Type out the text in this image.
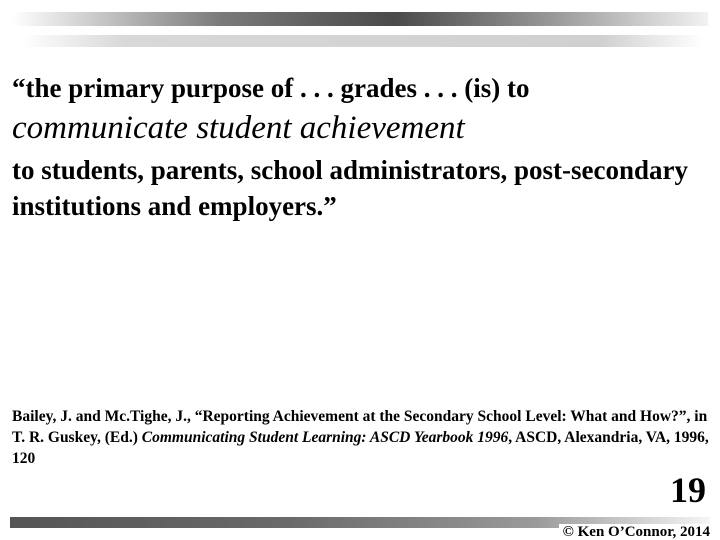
“the primary purpose of . . . grades . . . (is) to
communicate student achievement
to students, parents, school administrators, post-secondary institutions and employers.”
Bailey, J. and Mc.Tighe, J., “Reporting Achievement at the Secondary School Level: What and How?”, in T. R. Guskey, (Ed.) Communicating Student Learning: ASCD Yearbook 1996, ASCD, Alexandria, VA, 1996, 120
19
© Ken O’Connor, 2014
